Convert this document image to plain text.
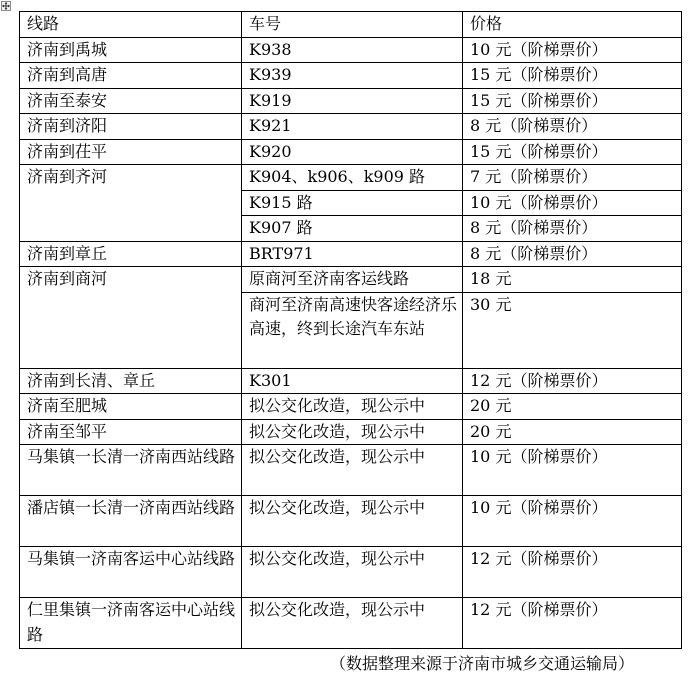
线路	车号	价格
济南到禹城	K938	10 元（阶梯票价）
济南到高唐	K939	15 元（阶梯票价）
济南至泰安	K919	15 元（阶梯票价）
济南到济阳	K921	8 元（阶梯票价）
济南到茌平	K920	15 元（阶梯票价）
济南到齐河	K904、k906、k909 路	7 元（阶梯票价）
	K915 路	10 元（阶梯票价）
	K907 路	8 元（阶梯票价）
济南到章丘	BRT971	8 元（阶梯票价）
济南到商河	原商河至济南客运线路	18 元
	商河至济南高速快客途经济乐高速，终到长途汽车东站	30 元
济南到长清、章丘	K301	12 元（阶梯票价）
济南至肥城	拟公交化改造，现公示中	20 元
济南至邹平	拟公交化改造，现公示中	20 元
马集镇一长清一济南西站线路	拟公交化改造，现公示中	10 元（阶梯票价）
潘店镇一长清一济南西站线路	拟公交化改造，现公示中	10 元（阶梯票价）
马集镇一济南客运中心站线路	拟公交化改造，现公示中	12 元（阶梯票价）
仁里集镇一济南客运中心站线路	拟公交化改造，现公示中	12 元（阶梯票价）
（数据整理来源于济南市城乡交通运输局）
